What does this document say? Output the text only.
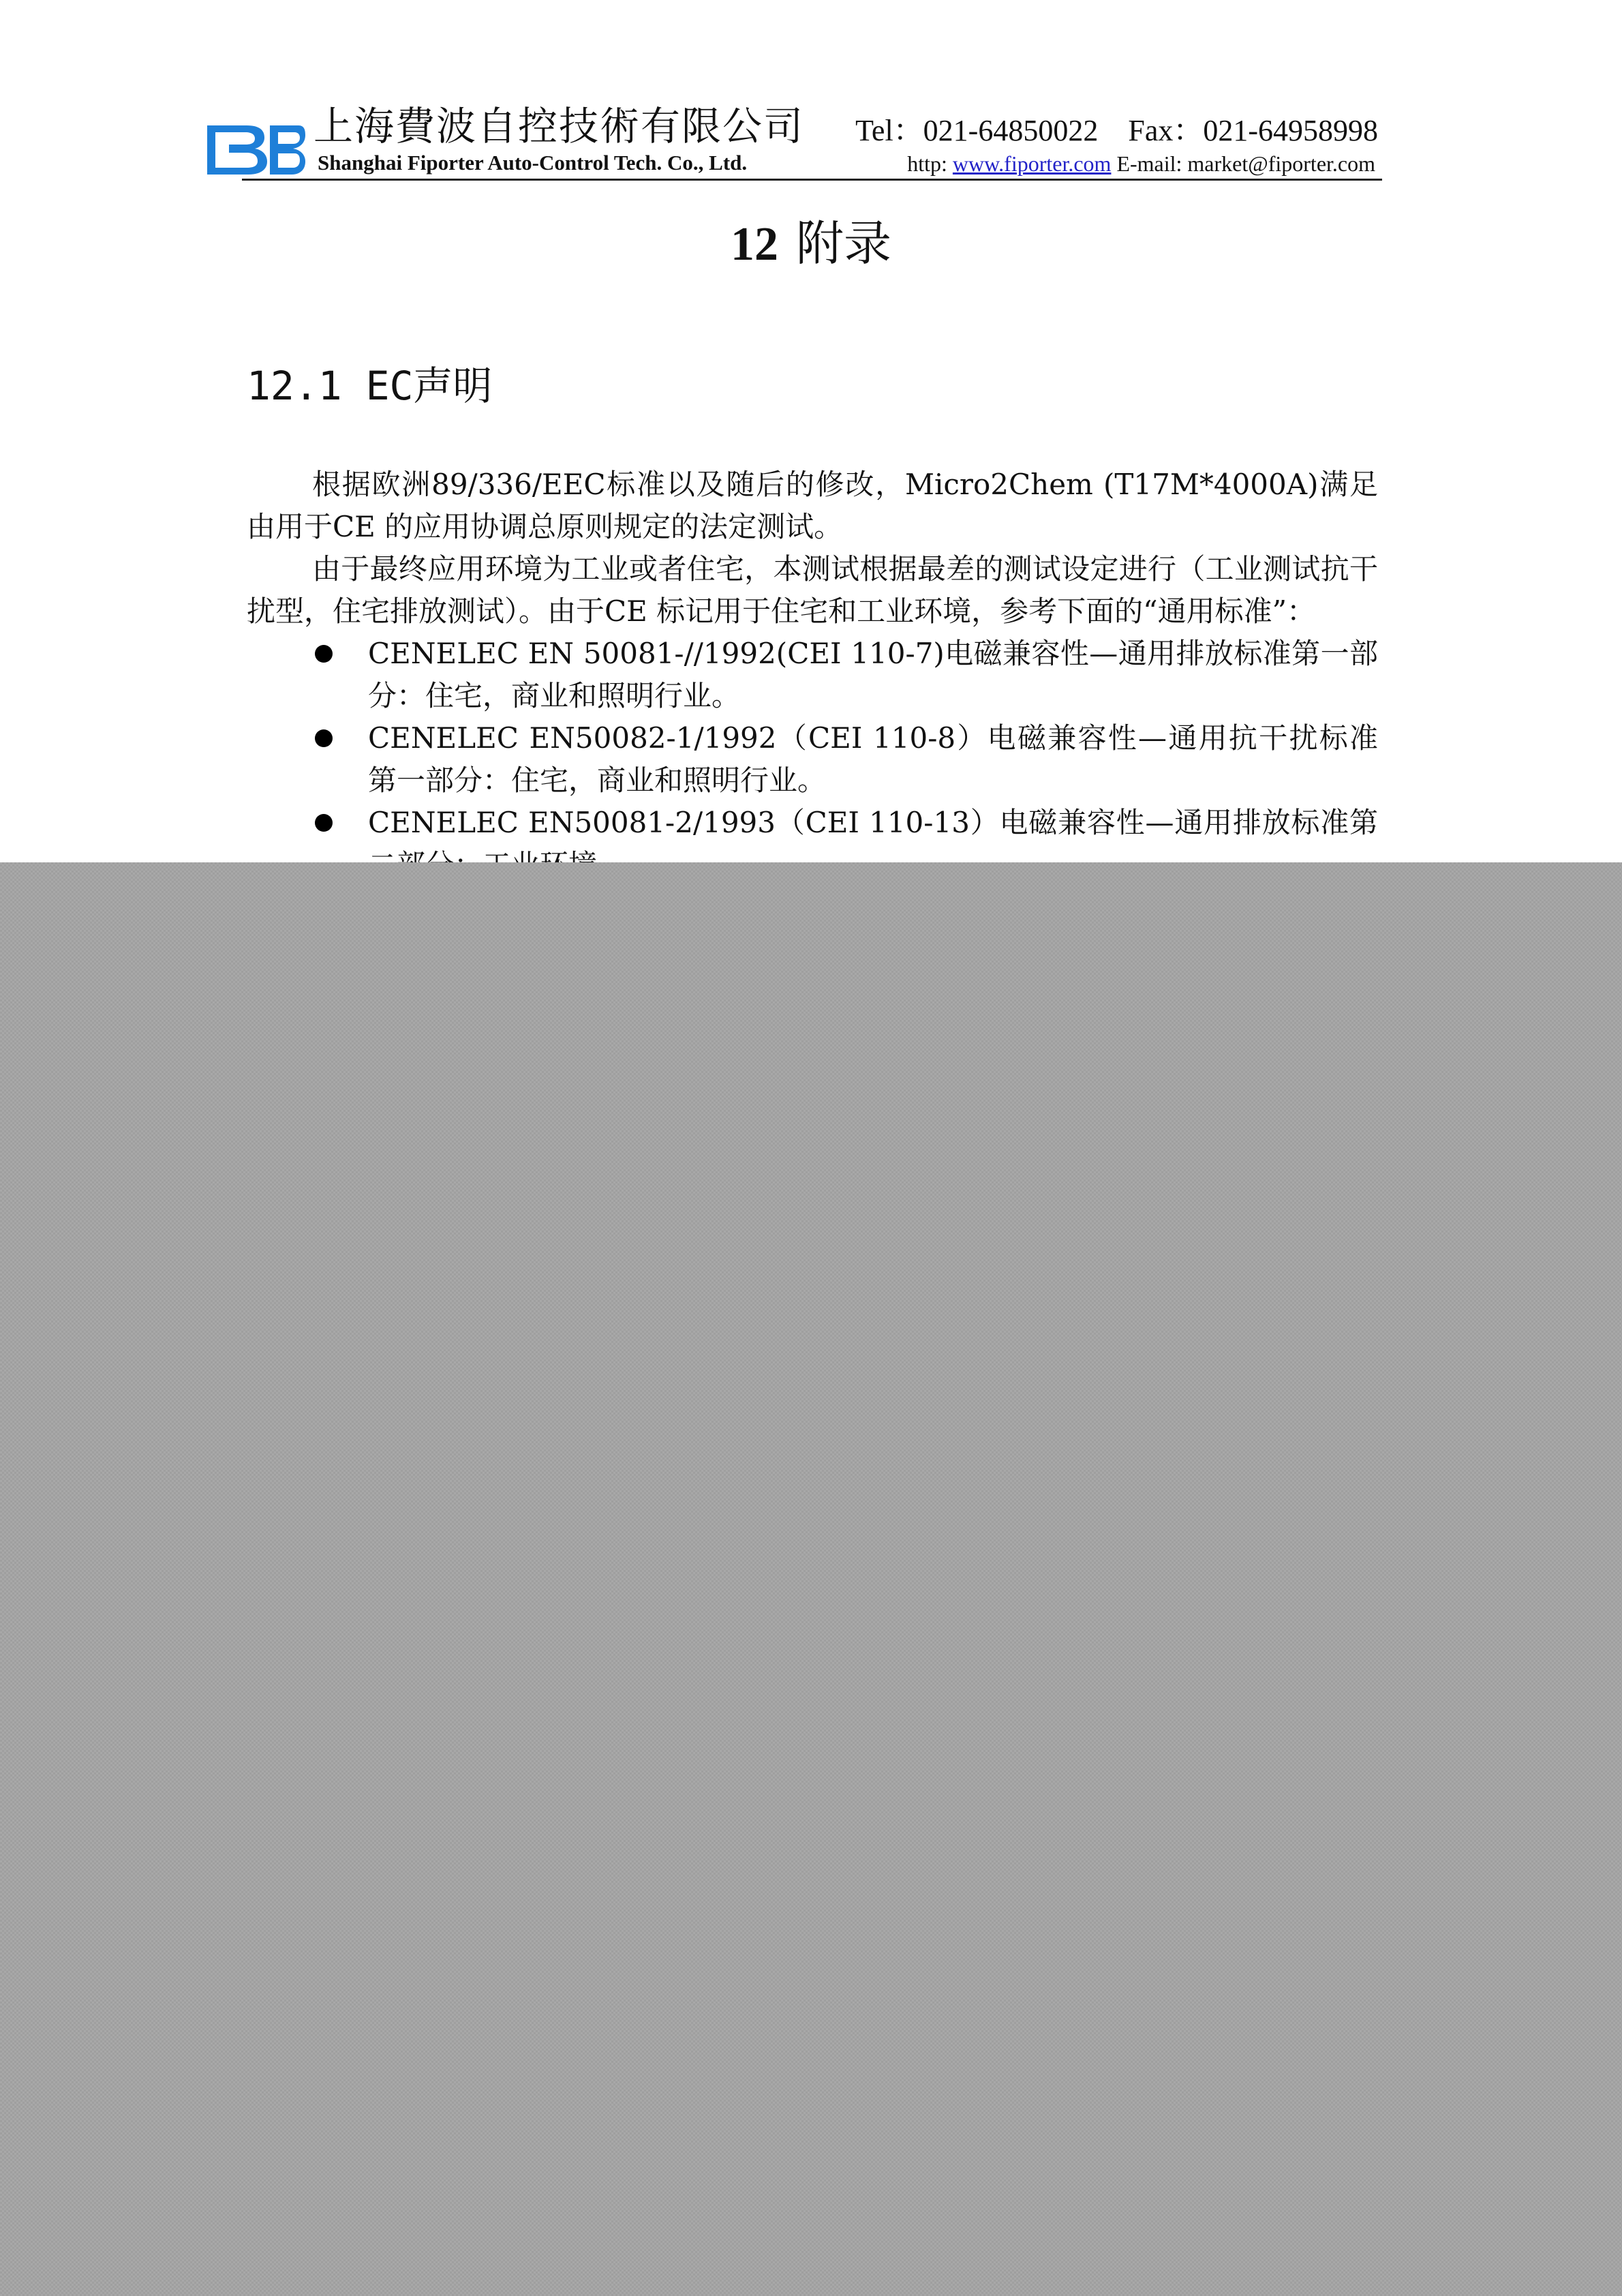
上海費波自控技術有限公司 Tel：021-64850022 Fax：021-64958998
Shanghai Fiporter Auto-Control Tech. Co., Ltd.	http: www.fiporter.com E-mail: market@fiporter.com
12 附录
12.1 EC声明

根据欧洲89/336/EEC标准以及随后的修改，Micro2Chem (T17M*4000A)满足由用于CE 的应用协调总原则规定的法定测试。

由于最终应用环境为工业或者住宅，本测试根据最差的测试设定进行（工业测试抗干扰型，住宅排放测试）。由于CE 标记用于住宅和工业环境，参考下面的“通用标准”：

CENELEC EN 50081-//1992(CEI 110-7)电磁兼容性—通用排放标准第一部分：住宅，商业和照明行业。
CENELEC EN50082-1/1992（CEI 110-8）电磁兼容性—通用抗干扰标准第一部分：住宅，商业和照明行业。
CENELEC EN50081-2/1993（CEI 110-13）电磁兼容性—通用排放标准第
